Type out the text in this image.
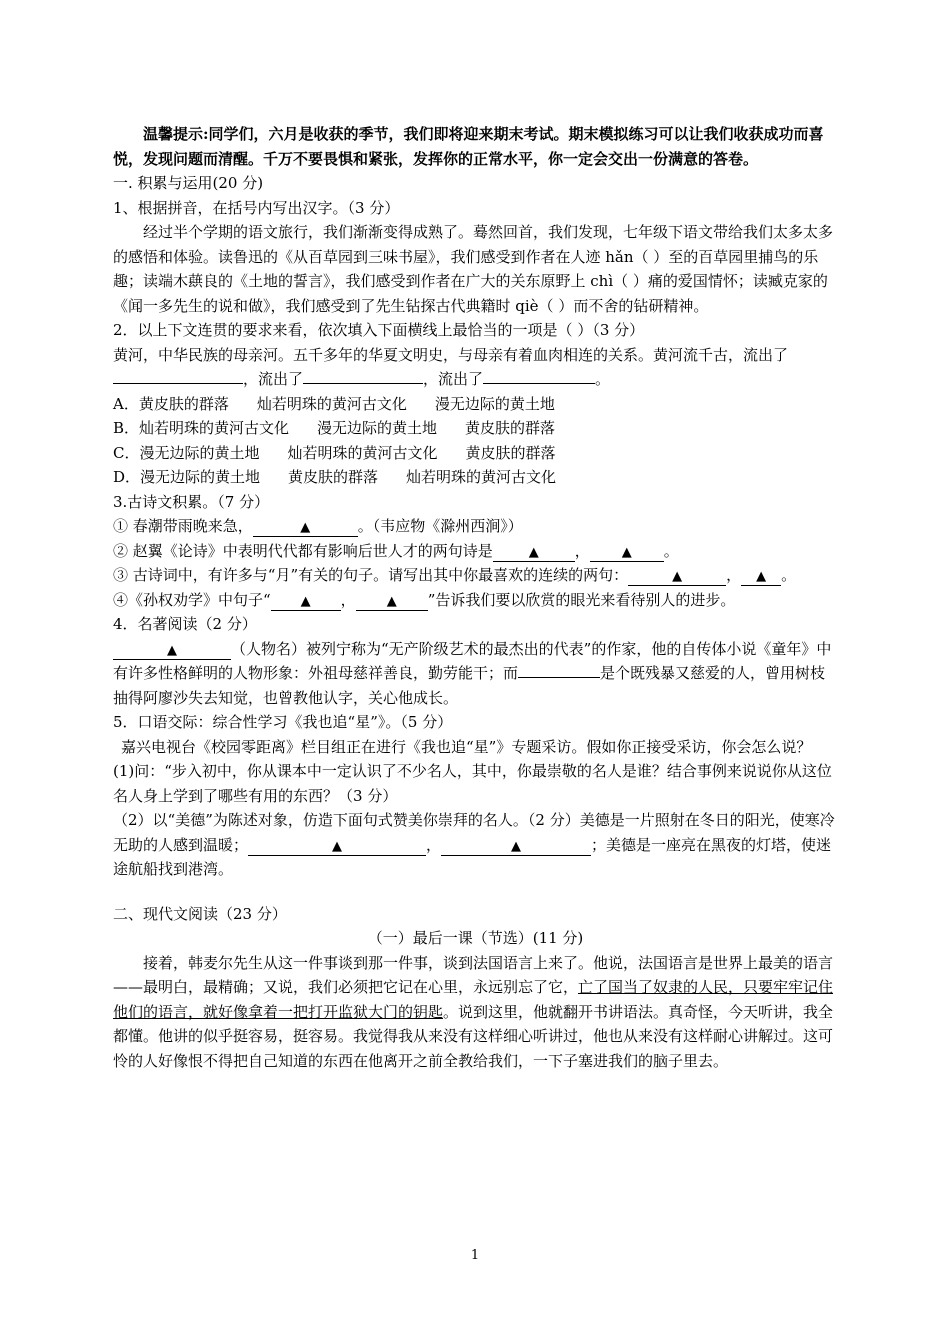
温馨提示:同学们，六月是收获的季节，我们即将迎来期末考试。期末模拟练习可以让我们收获成功而喜悦，发现问题而清醒。千万不要畏惧和紧张，发挥你的正常水平，你一定会交出一份满意的答卷。

一. 积累与运用(20 分)

1、根据拼音，在括号内写出汉字。（3 分）

经过半个学期的语文旅行，我们渐渐变得成熟了。蓦然回首，我们发现，七年级下语文带给我们太多太多的感悟和体验。读鲁迅的《从百草园到三味书屋》，我们感受到作者在人迹 hǎn（ ）至的百草园里捕鸟的乐趣；读端木蕻良的《土地的誓言》，我们感受到作者在广大的关东原野上 chì（ ）痛的爱国情怀；读臧克家的《闻一多先生的说和做》，我们感受到了先生钻探古代典籍时 qiè（ ）而不舍的钻研精神。

2．以上下文连贯的要求来看，依次填入下面横线上最恰当的一项是（ ）（3 分）

黄河，中华民族的母亲河。五千多年的华夏文明史，与母亲有着血肉相连的关系。黄河流千古，流出了，流出了	，流出了	。

A．黄皮肤的群落 灿若明珠的黄河古文化 漫无边际的黄土地

B．灿若明珠的黄河古文化 漫无边际的黄土地 黄皮肤的群落

C．漫无边际的黄土地 灿若明珠的黄河古文化 黄皮肤的群落

D．漫无边际的黄土地 黄皮肤的群落 灿若明珠的黄河古文化

3.古诗文积累。（7 分）

① 春潮带雨晚来急，	▲	。（韦应物《滁州西涧》）

② 赵翼《论诗》中表明代代都有影响后世人才的两句诗是	▲ ， ▲ 。

③ 古诗词中，有许多与“月”有关的句子。请写出其中你最喜欢的连续的两句：	▲	， ▲ 。

④《孙权劝学》中句子“ ▲ ， ▲ ”告诉我们要以欣赏的眼光来看待别人的进步。

4．名著阅读（2 分）

▲	（人物名）被列宁称为“无产阶级艺术的最杰出的代表”的作家，他的自传体小说《童年》中有许多性格鲜明的人物形象：外祖母慈祥善良，勤劳能干；而	是个既残暴又慈爱的人，曾用树枝抽得阿廖沙失去知觉，也曾教他认字，关心他成长。

5．口语交际：综合性学习《我也追“星”》。（5 分）

嘉兴电视台《校园零距离》栏目组正在进行《我也追“星”》专题采访。假如你正接受采访，你会怎么说？

(1)问：“步入初中，你从课本中一定认识了不少名人，其中，你最崇敬的名人是谁？结合事例来说说你从这位名人身上学到了哪些有用的东西？（3 分）

（2）以“美德”为陈述对象，仿造下面句式赞美你崇拜的名人。（2 分）美德是一片照射在冬日的阳光，使寒冷无助的人感到温暖；	▲	，	▲	；美德是一座亮在黑夜的灯塔，使迷途航船找到港湾。

二、现代文阅读（23 分）

（一）最后一课（节选）(11 分)

接着，韩麦尔先生从这一件事谈到那一件事，谈到法国语言上来了。他说，法国语言是世界上最美的语言——最明白，最精确；又说，我们必须把它记在心里，永远别忘了它，亡了国当了奴隶的人民，只要牢牢记住他们的语言，就好像拿着一把打开监狱大门的钥匙。说到这里，他就翻开书讲语法。真奇怪，今天听讲，我全都懂。他讲的似乎挺容易，挺容易。我觉得我从来没有这样细心听讲过，他也从来没有这样耐心讲解过。这可怜的人好像恨不得把自己知道的东西在他离开之前全教给我们，一下子塞进我们的脑子里去。

1
